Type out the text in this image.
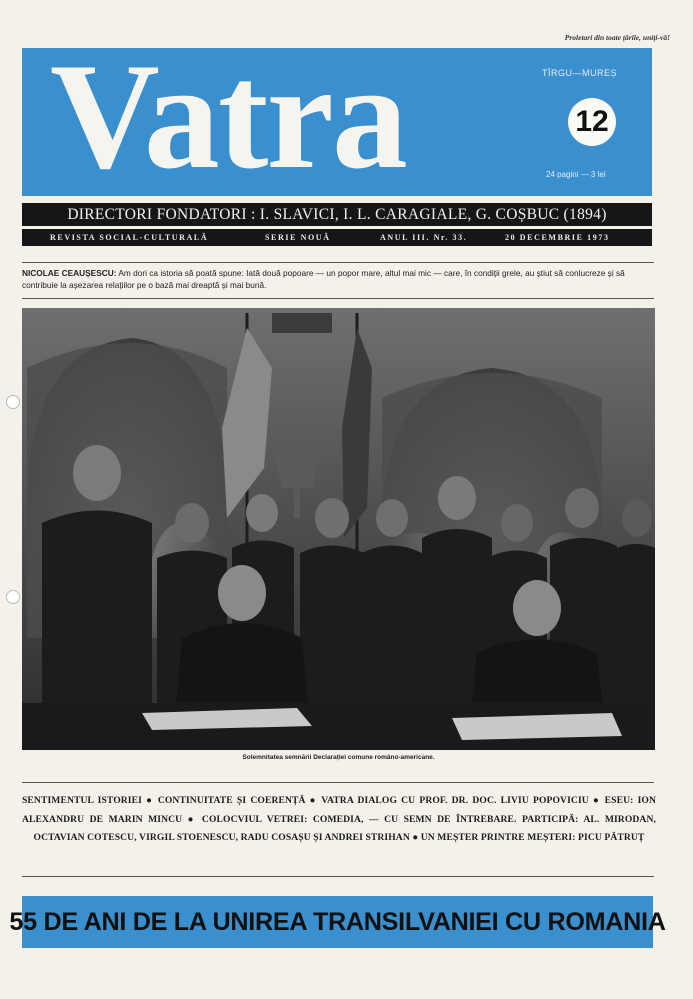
Proletari din toate țările, uniți-vă!
Vatra	TÎRGU—MUREȘ
12
24 pagini — 3 lei
DIRECTORI FONDATORI : I. SLAVICI, I. L. CARAGIALE, G. COȘBUC (1894)
REVISTA SOCIAL-CULTURALĂ	SERIE NOUĂ	ANUL III. Nr. 33.	20 DECEMBRIE 1973
NICOLAE CEAUȘESCU: Am dori ca istoria să poată spune: Iată două popoare — un popor mare, altul mai mic — care, în condiții grele, au știut să conlucreze și să contribuie la așezarea relațiilor pe o bază mai dreaptă și mai bună.
Solemnitatea semnării Declarației comune româno-americane.
SENTIMENTUL ISTORIEI ● CONTINUITATE ȘI COERENȚĂ ● VATRA DIALOG CU PROF. DR. DOC. LIVIU POPOVICIU ● ESEU: ION ALEXANDRU DE MARIN MINCU ● COLOCVIUL VETREI: COMEDIA, — CU SEMN DE ÎNTREBARE. PARTICIPĂ: AL. MIRODAN, OCTAVIAN COTESCU, VIRGIL STOENESCU, RADU COSAȘU ȘI ANDREI STRIHAN ● UN MEȘTER PRINTRE MEȘTERI: PICU PĂTRUȚ
55 DE ANI DE LA UNIREA TRANSILVANIEI CU ROMANIA
